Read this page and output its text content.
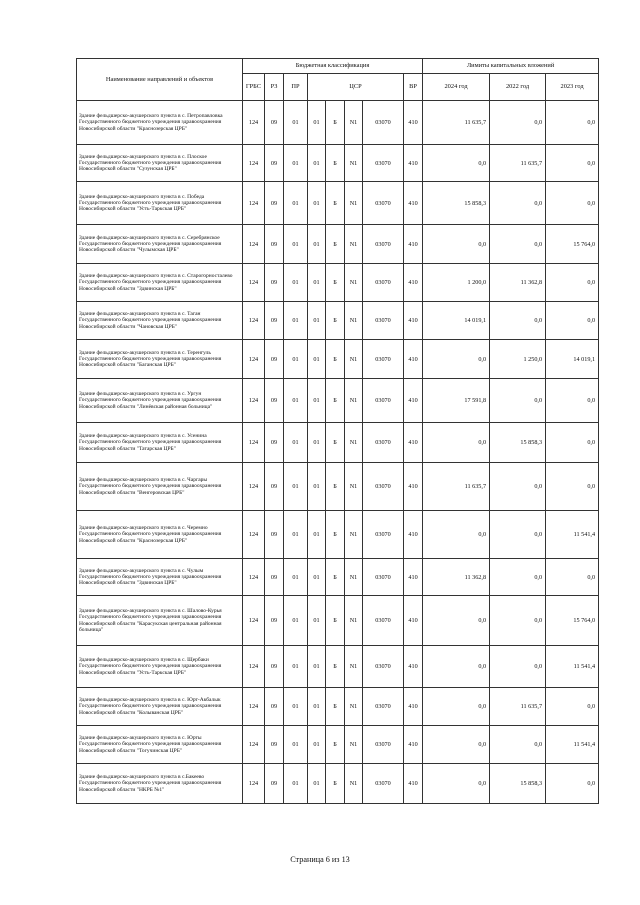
Наименование направлений и объектов	Бюджетная классификация								Лимиты капитальных вложений		
	ГРБС	РЗ	ПР	ЦСР				ВР	2024 год	2022 год	2023 год
Здание фельдшерско-акушерского пункта в с. Петропавловка Государственного бюджетного учреждения здравоохранения Новосибирской области "Краснозерская ЦРБ"	124	09	01	01	Б	N1	03070	410	11 635,7	0,0	0,0
Здание фельдшерско-акушерского пункта в с. Плоское Государственного бюджетного учреждения здравоохранения Новосибирской области "Сузунская ЦРБ"	124	09	01	01	Б	N1	03070	410	0,0	11 635,7	0,0
Здание фельдшерско-акушерского пункта в с. Победа Государственного бюджетного учреждения здравоохранения Новосибирской области "Усть-Таркская ЦРБ"	124	09	01	01	Б	N1	03070	410	15 858,3	0,0	0,0
Здание фельдшерско-акушерского пункта в с. Серебрянское Государственного бюджетного учреждения здравоохранения Новосибирской области "Чулымская ЦРБ"	124	09	01	01	Б	N1	03070	410	0,0	0,0	15 764,0
Здание фельдшерско-акушерского пункта в с. Старогорносталево Государственного бюджетного учреждения здравоохранения Новосибирской области "Здвинская ЦРБ"	124	09	01	01	Б	N1	03070	410	1 200,0	11 362,8	0,0
Здание фельдшерско-акушерского пункта в с. Таган Государственного бюджетного учреждения здравоохранения Новосибирской области "Чановская ЦРБ"	124	09	01	01	Б	N1	03070	410	14 019,1	0,0	0,0
Здание фельдшерско-акушерского пункта в с. Теренгуль Государственного бюджетного учреждения здравоохранения Новосибирской области "Баганская ЦРБ"	124	09	01	01	Б	N1	03070	410	0,0	1 250,0	14 019,1
Здание фельдшерско-акушерского пункта в с. Ургун Государственного бюджетного учреждения здравоохранения Новосибирской области "Линёвская районная больница"	124	09	01	01	Б	N1	03070	410	17 591,8	0,0	0,0
Здание фельдшерско-акушерского пункта в с. Усенина Государственного бюджетного учреждения здравоохранения Новосибирской области "Татарская ЦРБ"	124	09	01	01	Б	N1	03070	410	0,0	15 858,3	0,0
Здание фельдшерско-акушерского пункта в с. Чаргары Государственного бюджетного учреждения здравоохранения Новосибирской области "Венгеровская ЦРБ"	124	09	01	01	Б	N1	03070	410	11 635,7	0,0	0,0
Здание фельдшерско-акушерского пункта в с. Черемно Государственного бюджетного учреждения здравоохранения Новосибирской области "Краснозерская ЦРБ"	124	09	01	01	Б	N1	03070	410	0,0	0,0	11 541,4
Здание фельдшерско-акушерского пункта в с. Чулым Государственного бюджетного учреждения здравоохранения Новосибирской области "Здвинская ЦРБ"	124	09	01	01	Б	N1	03070	410	11 362,8	0,0	0,0
Здание фельдшерско-акушерского пункта в с. Шалово-Курья Государственного бюджетного учреждения здравоохранения Новосибирской области "Карасукская центральная районная больница"	124	09	01	01	Б	N1	03070	410	0,0	0,0	15 764,0
Здание фельдшерско-акушерского пункта в с. Щербаки Государственного бюджетного учреждения здравоохранения Новосибирской области "Усть-Таркская ЦРБ"	124	09	01	01	Б	N1	03070	410	0,0	0,0	11 541,4
Здание фельдшерско-акушерского пункта в с. Юрт-Акбалык Государственного бюджетного учреждения здравоохранения Новосибирской области "Колыванская ЦРБ"	124	09	01	01	Б	N1	03070	410	0,0	11 635,7	0,0
Здание фельдшерско-акушерского пункта в с. Юрты Государственного бюджетного учреждения здравоохранения Новосибирской области "Тогучинская ЦРБ"	124	09	01	01	Б	N1	03070	410	0,0	0,0	11 541,4
Здание фельдшерско-акушерского пункта в с.Бакеево Государственного бюджетного учреждения здравоохранения Новосибирской области "НКРБ №1"	124	09	01	01	Б	N1	03070	410	0,0	15 858,3	0,0
Страница 6 из 13
